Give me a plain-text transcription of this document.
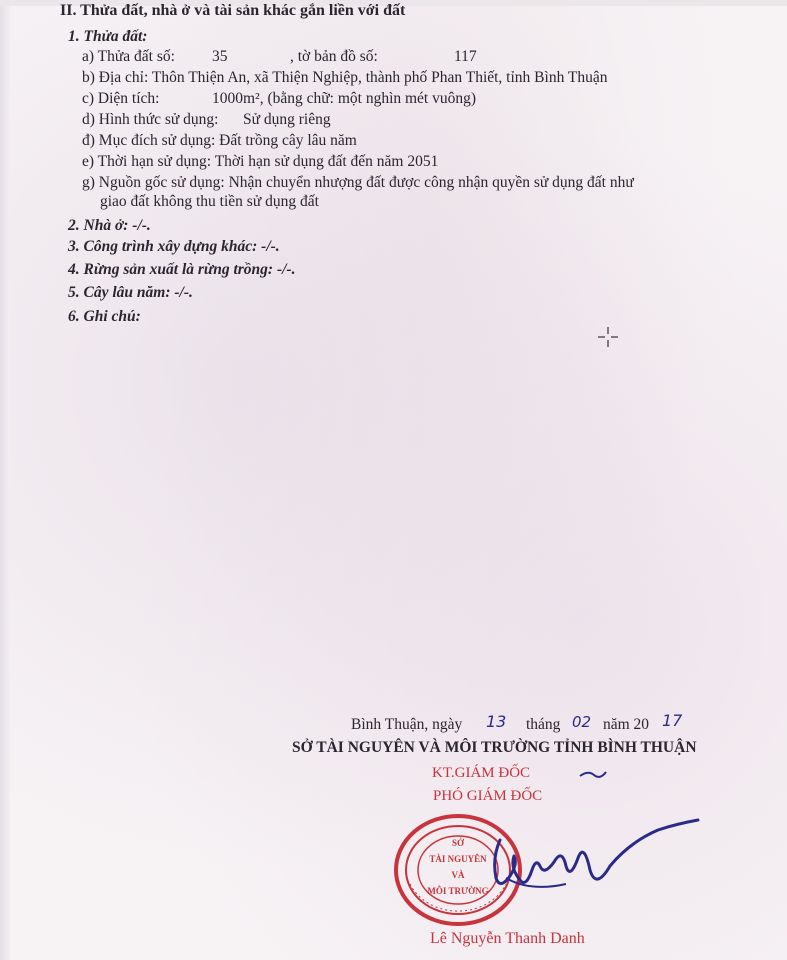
II. Thửa đất, nhà ở và tài sản khác gắn liền với đất
1. Thửa đất:
a) Thửa đất số: 35	, tờ bản đồ số:	117
b) Địa chỉ: Thôn Thiện An, xã Thiện Nghiệp, thành phố Phan Thiết, tỉnh Bình Thuận
c) Diện tích:	1000m², (bằng chữ: một nghìn mét vuông)
d) Hình thức sử dụng: Sử dụng riêng
đ) Mục đích sử dụng: Đất trồng cây lâu năm
e) Thời hạn sử dụng: Thời hạn sử dụng đất đến năm 2051
g) Nguồn gốc sử dụng: Nhận chuyển nhượng đất được công nhận quyền sử dụng đất như
giao đất không thu tiền sử dụng đất
2. Nhà ở: -/-.
3. Công trình xây dựng khác: -/-.
4. Rừng sản xuất là rừng trồng: -/-.
5. Cây lâu năm: -/-.
6. Ghi chú:
Bình Thuận, ngày 13 tháng 02 năm 20 17
SỞ TÀI NGUYÊN VÀ MÔI TRƯỜNG TỈNH BÌNH THUẬN
KT.GIÁM ĐỐC
PHÓ GIÁM ĐỐC
SỞ
TÀI NGUYÊN
VÀ
MÔI TRƯỜNG
Lê Nguyễn Thanh Danh
